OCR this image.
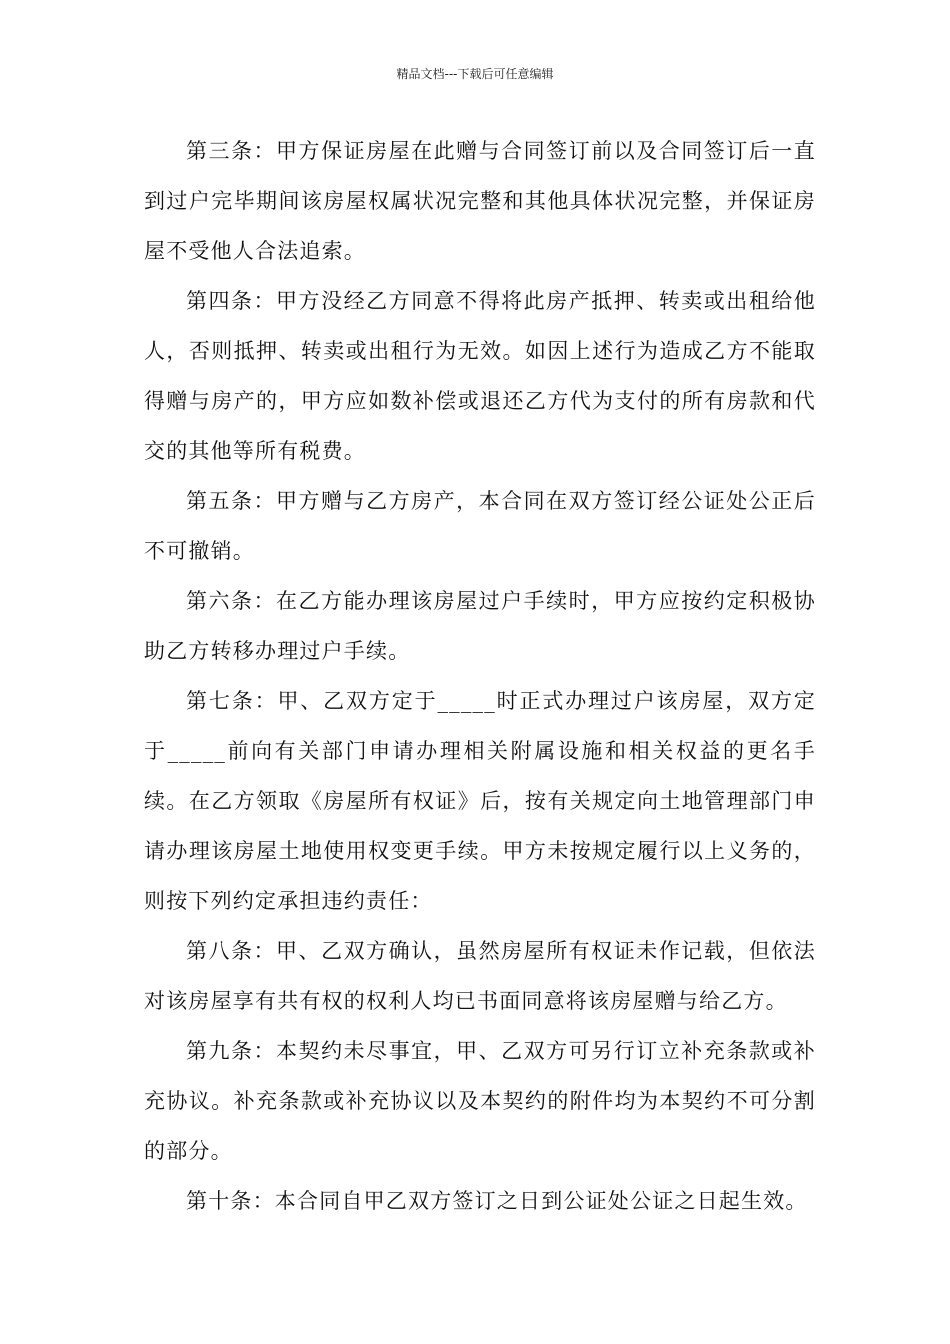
精品文档---下载后可任意编辑

第三条：甲方保证房屋在此赠与合同签订前以及合同签订后一直到过户完毕期间该房屋权属状况完整和其他具体状况完整，并保证房屋不受他人合法追索。

第四条：甲方没经乙方同意不得将此房产抵押、转卖或出租给他人，否则抵押、转卖或出租行为无效。如因上述行为造成乙方不能取得赠与房产的，甲方应如数补偿或退还乙方代为支付的所有房款和代交的其他等所有税费。

第五条：甲方赠与乙方房产，本合同在双方签订经公证处公正后不可撤销。

第六条：在乙方能办理该房屋过户手续时，甲方应按约定积极协助乙方转移办理过户手续。

第七条：甲、乙双方定于_____时正式办理过户该房屋，双方定于_____前向有关部门申请办理相关附属设施和相关权益的更名手续。在乙方领取《房屋所有权证》后，按有关规定向土地管理部门申请办理该房屋土地使用权变更手续。甲方未按规定履行以上义务的，则按下列约定承担违约责任：

第八条：甲、乙双方确认，虽然房屋所有权证未作记载，但依法对该房屋享有共有权的权利人均已书面同意将该房屋赠与给乙方。

第九条：本契约未尽事宜，甲、乙双方可另行订立补充条款或补充协议。补充条款或补充协议以及本契约的附件均为本契约不可分割的部分。

第十条：本合同自甲乙双方签订之日到公证处公证之日起生效。
